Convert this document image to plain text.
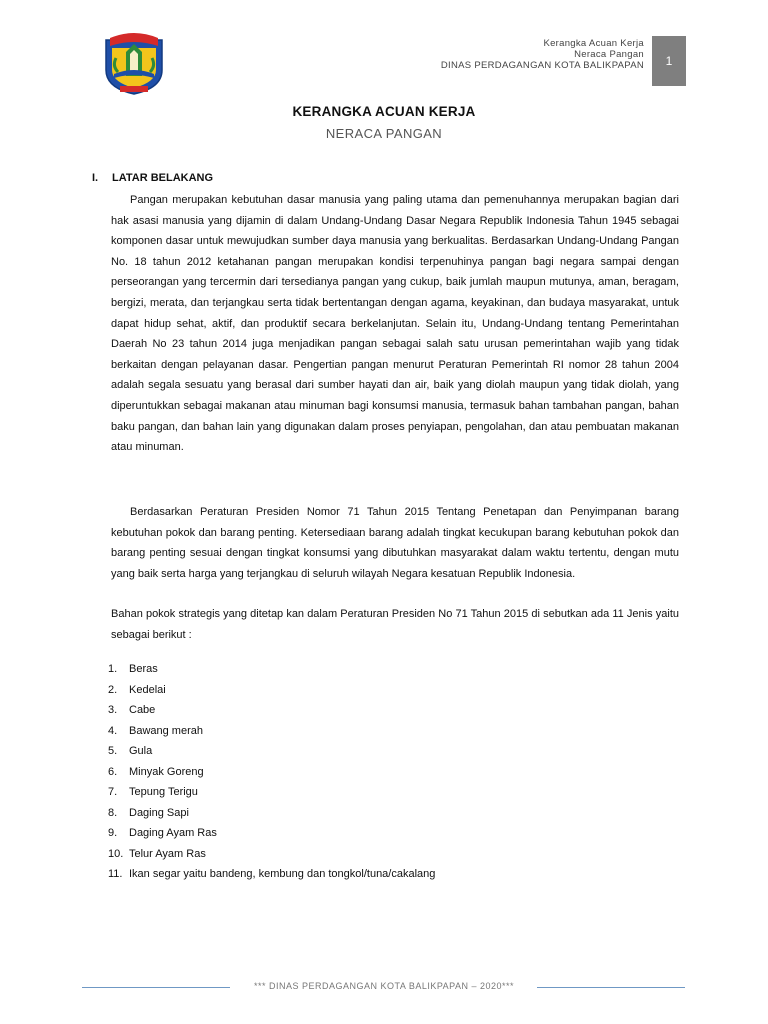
Kerangka Acuan Kerja
Neraca Pangan
DINAS PERDAGANGAN KOTA BALIKPAPAN 1
KERANGKA ACUAN KERJA
NERACA PANGAN
I. LATAR BELAKANG

Pangan merupakan kebutuhan dasar manusia yang paling utama dan pemenuhannya merupakan bagian dari hak asasi manusia yang dijamin di dalam Undang-Undang Dasar Negara Republik Indonesia Tahun 1945 sebagai komponen dasar untuk mewujudkan sumber daya manusia yang berkualitas. Berdasarkan Undang-Undang Pangan No. 18 tahun 2012 ketahanan pangan merupakan kondisi terpenuhinya pangan bagi negara sampai dengan perseorangan yang tercermin dari tersedianya pangan yang cukup, baik jumlah maupun mutunya, aman, beragam, bergizi, merata, dan terjangkau serta tidak bertentangan dengan agama, keyakinan, dan budaya masyarakat, untuk dapat hidup sehat, aktif, dan produktif secara berkelanjutan. Selain itu, Undang-Undang tentang Pemerintahan Daerah No 23 tahun 2014 juga menjadikan pangan sebagai salah satu urusan pemerintahan wajib yang tidak berkaitan dengan pelayanan dasar. Pengertian pangan menurut Peraturan Pemerintah RI nomor 28 tahun 2004 adalah segala sesuatu yang berasal dari sumber hayati dan air, baik yang diolah maupun yang tidak diolah, yang diperuntukkan sebagai makanan atau minuman bagi konsumsi manusia, termasuk bahan tambahan pangan, bahan baku pangan, dan bahan lain yang digunakan dalam proses penyiapan, pengolahan, dan atau pembuatan makanan atau minuman.

Berdasarkan Peraturan Presiden Nomor 71 Tahun 2015 Tentang Penetapan dan Penyimpanan barang kebutuhan pokok dan barang penting. Ketersediaan barang adalah tingkat kecukupan barang kebutuhan pokok dan barang penting sesuai dengan tingkat konsumsi yang dibutuhkan masyarakat dalam waktu tertentu, dengan mutu yang baik serta harga yang terjangkau di seluruh wilayah Negara kesatuan Republik Indonesia.

Bahan pokok strategis yang ditetap kan dalam Peraturan Presiden No 71 Tahun 2015 di sebutkan ada 11 Jenis yaitu sebagai berikut :

1.	Beras
2.	Kedelai
3.	Cabe
4.	Bawang merah
5.	Gula
6.	Minyak Goreng
7.	Tepung Terigu
8.	Daging Sapi
9.	Daging Ayam Ras
10. Telur Ayam Ras
11. Ikan segar yaitu bandeng, kembung dan tongkol/tuna/cakalang
*** DINAS PERDAGANGAN KOTA BALIKPAPAN – 2020***
